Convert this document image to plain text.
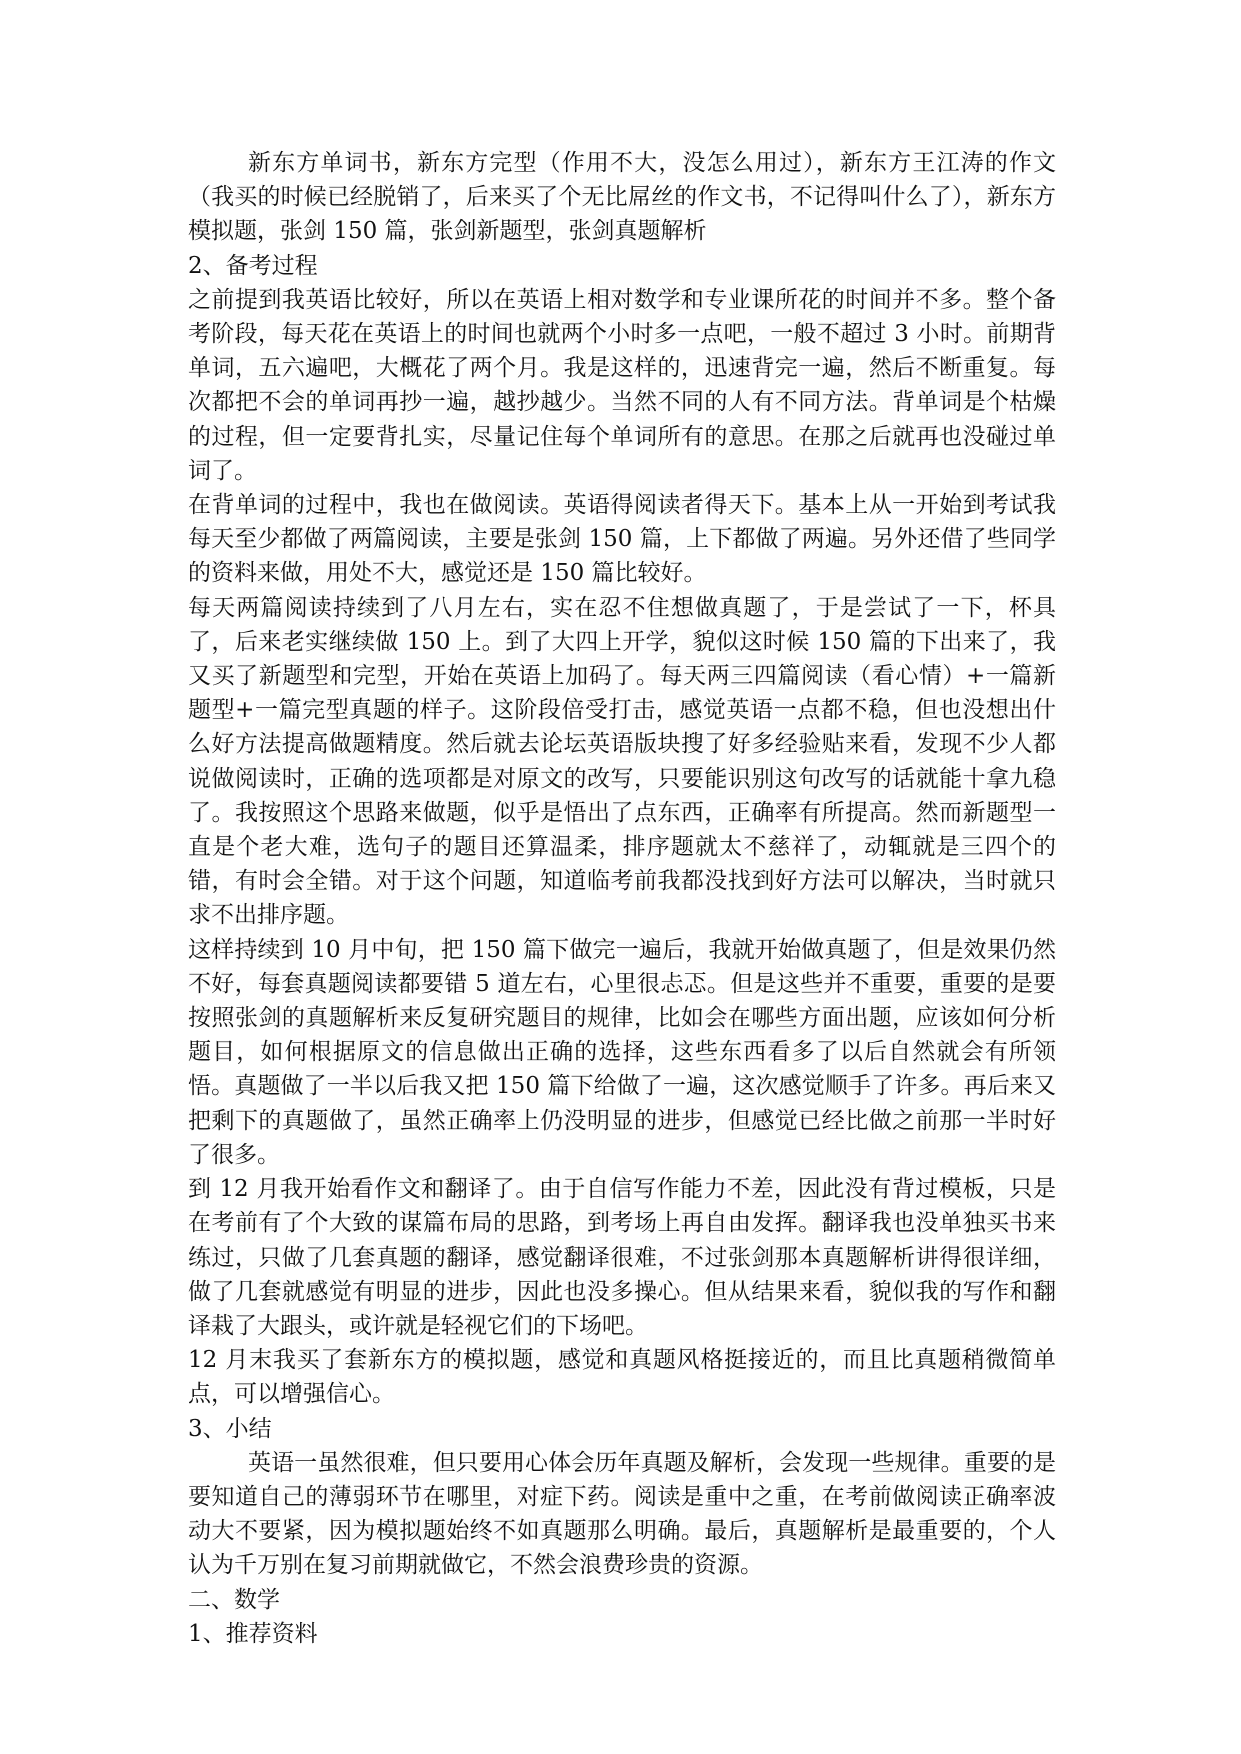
新东方单词书，新东方完型（作用不大，没怎么用过），新东方王江涛的作文（我买的时候已经脱销了，后来买了个无比屌丝的作文书，不记得叫什么了），新东方模拟题，张剑 150 篇，张剑新题型，张剑真题解析

2、备考过程

之前提到我英语比较好，所以在英语上相对数学和专业课所花的时间并不多。整个备考阶段，每天花在英语上的时间也就两个小时多一点吧，一般不超过 3 小时。前期背单词，五六遍吧，大概花了两个月。我是这样的，迅速背完一遍，然后不断重复。每次都把不会的单词再抄一遍，越抄越少。当然不同的人有不同方法。背单词是个枯燥的过程，但一定要背扎实，尽量记住每个单词所有的意思。在那之后就再也没碰过单词了。

在背单词的过程中，我也在做阅读。英语得阅读者得天下。基本上从一开始到考试我每天至少都做了两篇阅读，主要是张剑 150 篇，上下都做了两遍。另外还借了些同学的资料来做，用处不大，感觉还是 150 篇比较好。

每天两篇阅读持续到了八月左右，实在忍不住想做真题了，于是尝试了一下，杯具了，后来老实继续做 150 上。到了大四上开学，貌似这时候 150 篇的下出来了，我又买了新题型和完型，开始在英语上加码了。每天两三四篇阅读（看心情）+一篇新题型+一篇完型真题的样子。这阶段倍受打击，感觉英语一点都不稳，但也没想出什么好方法提高做题精度。然后就去论坛英语版块搜了好多经验贴来看，发现不少人都说做阅读时，正确的选项都是对原文的改写，只要能识别这句改写的话就能十拿九稳了。我按照这个思路来做题，似乎是悟出了点东西，正确率有所提高。然而新题型一直是个老大难，选句子的题目还算温柔，排序题就太不慈祥了，动辄就是三四个的错，有时会全错。对于这个问题，知道临考前我都没找到好方法可以解决，当时就只求不出排序题。

这样持续到 10 月中旬，把 150 篇下做完一遍后，我就开始做真题了，但是效果仍然不好，每套真题阅读都要错 5 道左右，心里很忐忑。但是这些并不重要，重要的是要按照张剑的真题解析来反复研究题目的规律，比如会在哪些方面出题，应该如何分析题目，如何根据原文的信息做出正确的选择，这些东西看多了以后自然就会有所领悟。真题做了一半以后我又把 150 篇下给做了一遍，这次感觉顺手了许多。再后来又把剩下的真题做了，虽然正确率上仍没明显的进步，但感觉已经比做之前那一半时好了很多。

到 12 月我开始看作文和翻译了。由于自信写作能力不差，因此没有背过模板，只是在考前有了个大致的谋篇布局的思路，到考场上再自由发挥。翻译我也没单独买书来练过，只做了几套真题的翻译，感觉翻译很难，不过张剑那本真题解析讲得很详细，做了几套就感觉有明显的进步，因此也没多操心。但从结果来看，貌似我的写作和翻译栽了大跟头，或许就是轻视它们的下场吧。

12 月末我买了套新东方的模拟题，感觉和真题风格挺接近的，而且比真题稍微简单点，可以增强信心。

3、小结

英语一虽然很难，但只要用心体会历年真题及解析，会发现一些规律。重要的是要知道自己的薄弱环节在哪里，对症下药。阅读是重中之重，在考前做阅读正确率波动大不要紧，因为模拟题始终不如真题那么明确。最后，真题解析是最重要的，个人认为千万别在复习前期就做它，不然会浪费珍贵的资源。

二、数学

1、推荐资料
